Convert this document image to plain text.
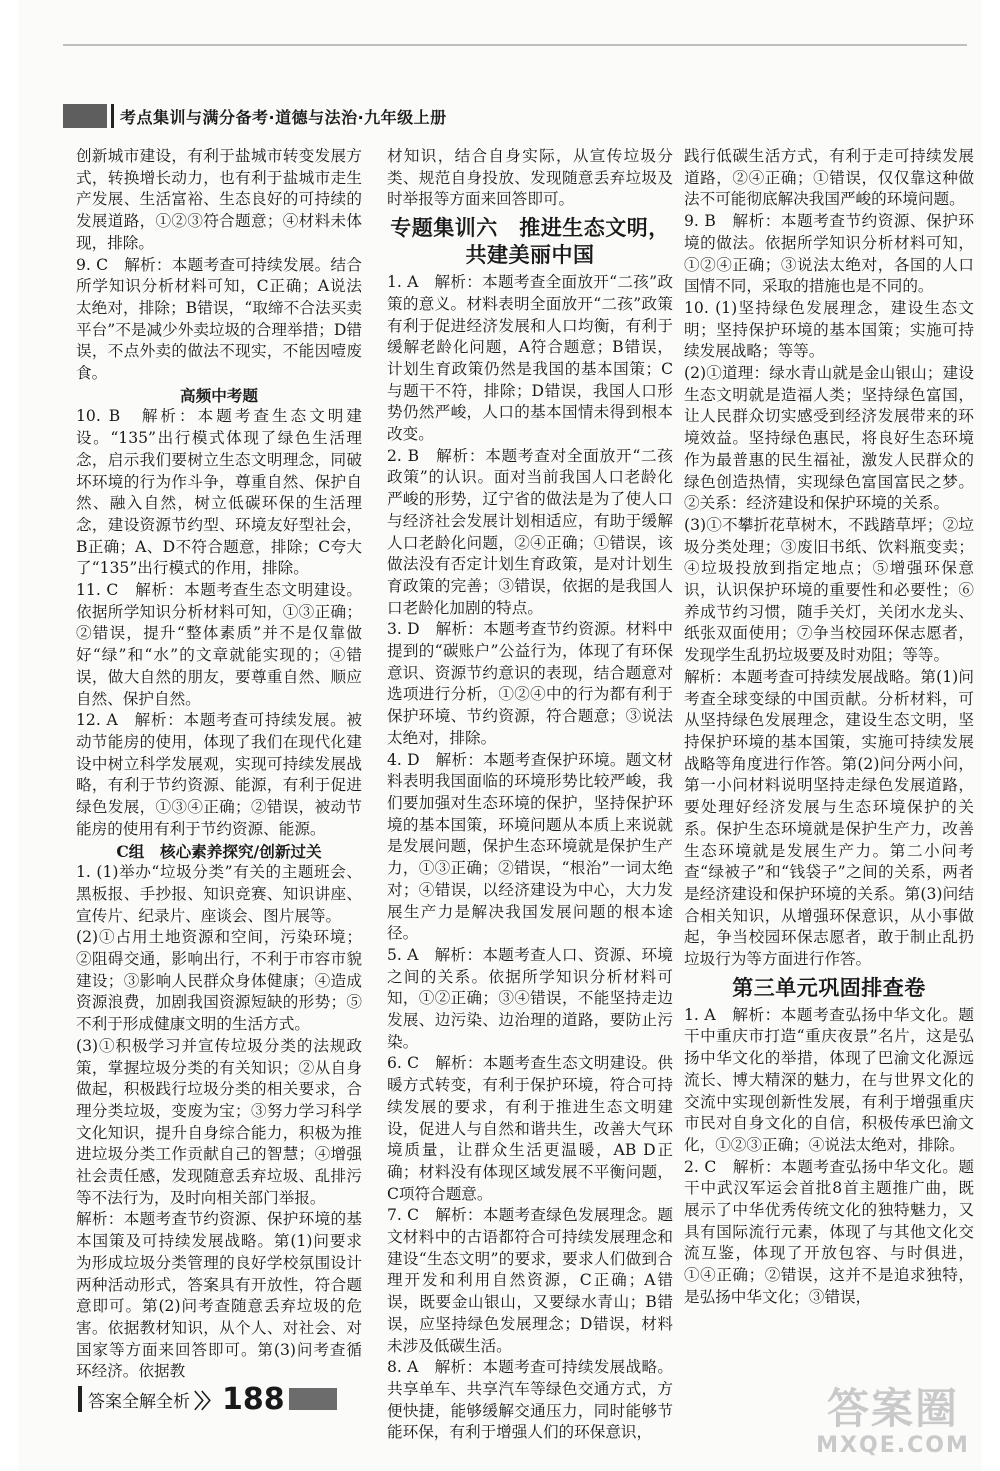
考点集训与满分备考·道德与法治·九年级上册

创新城市建设，有利于盐城市转变发展方式，转换增长动力，也有利于盐城市走生产发展、生活富裕、生态良好的可持续的发展道路，①②③符合题意；④材料未体现，排除。

9. C　解析：本题考查可持续发展。结合所学知识分析材料可知，C正确；A说法太绝对，排除；B错误，“取缔不合法买卖平台”不是减少外卖垃圾的合理举措；D错误，不点外卖的做法不现实，不能因噎废食。

高频中考题

10. B　解析：本题考查生态文明建设。“135”出行模式体现了绿色生活理念，启示我们要树立生态文明理念，同破坏环境的行为作斗争，尊重自然、保护自然、融入自然，树立低碳环保的生活理念，建设资源节约型、环境友好型社会，B正确；A、D不符合题意，排除；C夸大了“135”出行模式的作用，排除。

11. C　解析：本题考查生态文明建设。依据所学知识分析材料可知，①③正确；②错误，提升“整体素质”并不是仅靠做好“绿”和“水”的文章就能实现的；④错误，做大自然的朋友，要尊重自然、顺应自然、保护自然。

12. A　解析：本题考查可持续发展。被动节能房的使用，体现了我们在现代化建设中树立科学发展观，实现可持续发展战略，有利于节约资源、能源，有利于促进绿色发展，①③④正确；②错误，被动节能房的使用有利于节约资源、能源。

C组　核心素养探究/创新过关

1. (1)举办“垃圾分类”有关的主题班会、黑板报、手抄报、知识竞赛、知识讲座、宣传片、纪录片、座谈会、图片展等。

(2)①占用土地资源和空间，污染环境；②阻碍交通，影响出行，不利于市容市貌建设；③影响人民群众身体健康；④造成资源浪费，加剧我国资源短缺的形势；⑤不利于形成健康文明的生活方式。

(3)①积极学习并宣传垃圾分类的法规政策，掌握垃圾分类的有关知识；②从自身做起，积极践行垃圾分类的相关要求，合理分类垃圾，变废为宝；③努力学习科学文化知识，提升自身综合能力，积极为推进垃圾分类工作贡献自己的智慧；④增强社会责任感，发现随意丢弃垃圾、乱排污等不法行为，及时向相关部门举报。

解析：本题考查节约资源、保护环境的基本国策及可持续发展战略。第(1)问要求为形成垃圾分类管理的良好学校氛围设计两种活动形式，答案具有开放性，符合题意即可。第(2)问考查随意丢弃垃圾的危害。依据教材知识，从个人、对社会、对国家等方面来回答即可。第(3)问考查循环经济。依据教

材知识，结合自身实际，从宣传垃圾分类、规范自身投放、发现随意丢弃垃圾及时举报等方面来回答即可。

专题集训六　推进生态文明，共建美丽中国

1. A　解析：本题考查全面放开“二孩”政策的意义。材料表明全面放开“二孩”政策有利于促进经济发展和人口均衡，有利于缓解老龄化问题，A符合题意；B错误，计划生育政策仍然是我国的基本国策；C与题干不符，排除；D错误，我国人口形势仍然严峻，人口的基本国情未得到根本改变。

2. B　解析：本题考查对全面放开“二孩政策”的认识。面对当前我国人口老龄化严峻的形势，辽宁省的做法是为了使人口与经济社会发展计划相适应，有助于缓解人口老龄化问题，②④正确；①错误，该做法没有否定计划生育政策，是对计划生育政策的完善；③错误，依据的是我国人口老龄化加剧的特点。

3. D　解析：本题考查节约资源。材料中提到的“碳账户”公益行为，体现了有环保意识、资源节约意识的表现，结合题意对选项进行分析，①②④中的行为都有利于保护环境、节约资源，符合题意；③说法太绝对，排除。

4. D　解析：本题考查保护环境。题文材料表明我国面临的环境形势比较严峻，我们要加强对生态环境的保护，坚持保护环境的基本国策，环境问题从本质上来说就是发展问题，保护生态环境就是保护生产力，①③正确；②错误，“根治”一词太绝对；④错误，以经济建设为中心，大力发展生产力是解决我国发展问题的根本途径。

5. A　解析：本题考查人口、资源、环境之间的关系。依据所学知识分析材料可知，①②正确；③④错误，不能坚持走边发展、边污染、边治理的道路，要防止污染。

6. C　解析：本题考查生态文明建设。供暖方式转变，有利于保护环境，符合可持续发展的要求，有利于推进生态文明建设，促进人与自然和谐共生，改善大气环境质量，让群众生活更温暖，AB D正确；材料没有体现区域发展不平衡问题，C项符合题意。

7. C　解析：本题考查绿色发展理念。题文材料中的古语都符合可持续发展理念和建设“生态文明”的要求，要求人们做到合理开发和利用自然资源，C正确；A错误，既要金山银山，又要绿水青山；B错误，应坚持绿色发展理念；D错误，材料未涉及低碳生活。

8. A　解析：本题考查可持续发展战略。共享单车、共享汽车等绿色交通方式，方便快捷，能够缓解交通压力，同时能够节能环保，有利于增强人们的环保意识，

践行低碳生活方式，有利于走可持续发展道路，②④正确；①错误，仅仅靠这种做法不可能彻底解决我国严峻的环境问题。

9. B　解析：本题考查节约资源、保护环境的做法。依据所学知识分析材料可知，①②④正确；③说法太绝对，各国的人口国情不同，采取的措施也是不同的。

10. (1)坚持绿色发展理念，建设生态文明；坚持保护环境的基本国策；实施可持续发展战略；等等。

(2)①道理：绿水青山就是金山银山；建设生态文明就是造福人类；坚持绿色富国，让人民群众切实感受到经济发展带来的环境效益。坚持绿色惠民，将良好生态环境作为最普惠的民生福祉，激发人民群众的绿色创造热情，实现绿色富国富民之梦。②关系：经济建设和保护环境的关系。

(3)①不攀折花草树木，不践踏草坪；②垃圾分类处理；③废旧书纸、饮料瓶变卖；④垃圾投放到指定地点；⑤增强环保意识，认识保护环境的重要性和必要性；⑥养成节约习惯，随手关灯，关闭水龙头、纸张双面使用；⑦争当校园环保志愿者，发现学生乱扔垃圾要及时劝阻；等等。

解析：本题考查可持续发展战略。第(1)问考查全球变绿的中国贡献。分析材料，可从坚持绿色发展理念，建设生态文明，坚持保护环境的基本国策，实施可持续发展战略等角度进行作答。第(2)问分两小问，第一小问材料说明坚持走绿色发展道路，要处理好经济发展与生态环境保护的关系。保护生态环境就是保护生产力，改善生态环境就是发展生产力。第二小问考查“绿被子”和“钱袋子”之间的关系，两者是经济建设和保护环境的关系。第(3)问结合相关知识，从增强环保意识，从小事做起，争当校园环保志愿者，敢于制止乱扔垃圾行为等方面进行作答。

第三单元巩固排查卷

1. A　解析：本题考查弘扬中华文化。题干中重庆市打造“重庆夜景”名片，这是弘扬中华文化的举措，体现了巴渝文化源远流长、博大精深的魅力，在与世界文化的交流中实现创新性发展，有利于增强重庆市民对自身文化的自信，积极传承巴渝文化，①②③正确；④说法太绝对，排除。

2. C　解析：本题考查弘扬中华文化。题干中武汉军运会首批8首主题推广曲，既展示了中华优秀传统文化的独特魅力，又具有国际流行元素，体现了与其他文化交流互鉴，体现了开放包容、与时俱进，①④正确；②错误，这并不是追求独特，是弘扬中华文化；③错误，

答案全解全析 〉〉 188	答案圈
MXQE.COM
